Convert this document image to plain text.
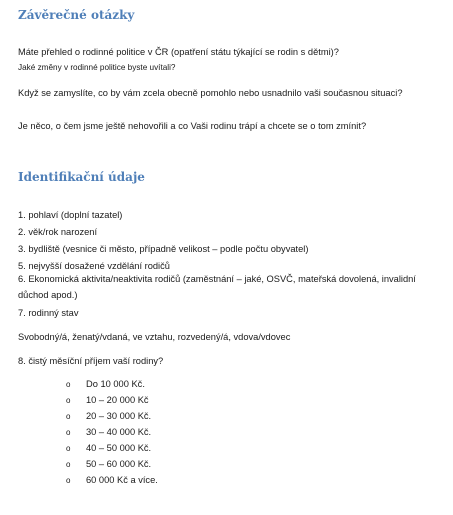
Závěrečné otázky
Máte přehled o rodinné politice v ČR (opatření státu týkající se rodin s dětmi)?
Jaké změny v rodinné politice byste uvítali?
Když se zamyslíte, co by vám zcela obecně pomohlo nebo usnadnilo vaši současnou situaci?
Je něco, o čem jsme ještě nehovořili a co Vaši rodinu trápí a chcete se o tom zmínit?
Identifikační údaje
1. pohlaví (doplní tazatel)
2. věk/rok narození
3. bydliště (vesnice či město, případně velikost – podle počtu obyvatel)
5. nejvyšší dosažené vzdělání rodičů
6. Ekonomická aktivita/neaktivita rodičů (zaměstnání – jaké, OSVČ, mateřská dovolená, invalidní důchod apod.)
7. rodinný stav
Svobodný/á, ženatý/vdaná, ve vztahu, rozvedený/á, vdova/vdovec
8. čistý měsíční příjem vaší rodiny?
o Do 10 000 Kč.
o 10 – 20 000 Kč
o 20 – 30 000 Kč.
o 30 – 40 000 Kč.
o 40 – 50 000 Kč.
o 50 – 60 000 Kč.
o 60 000 Kč a více.
